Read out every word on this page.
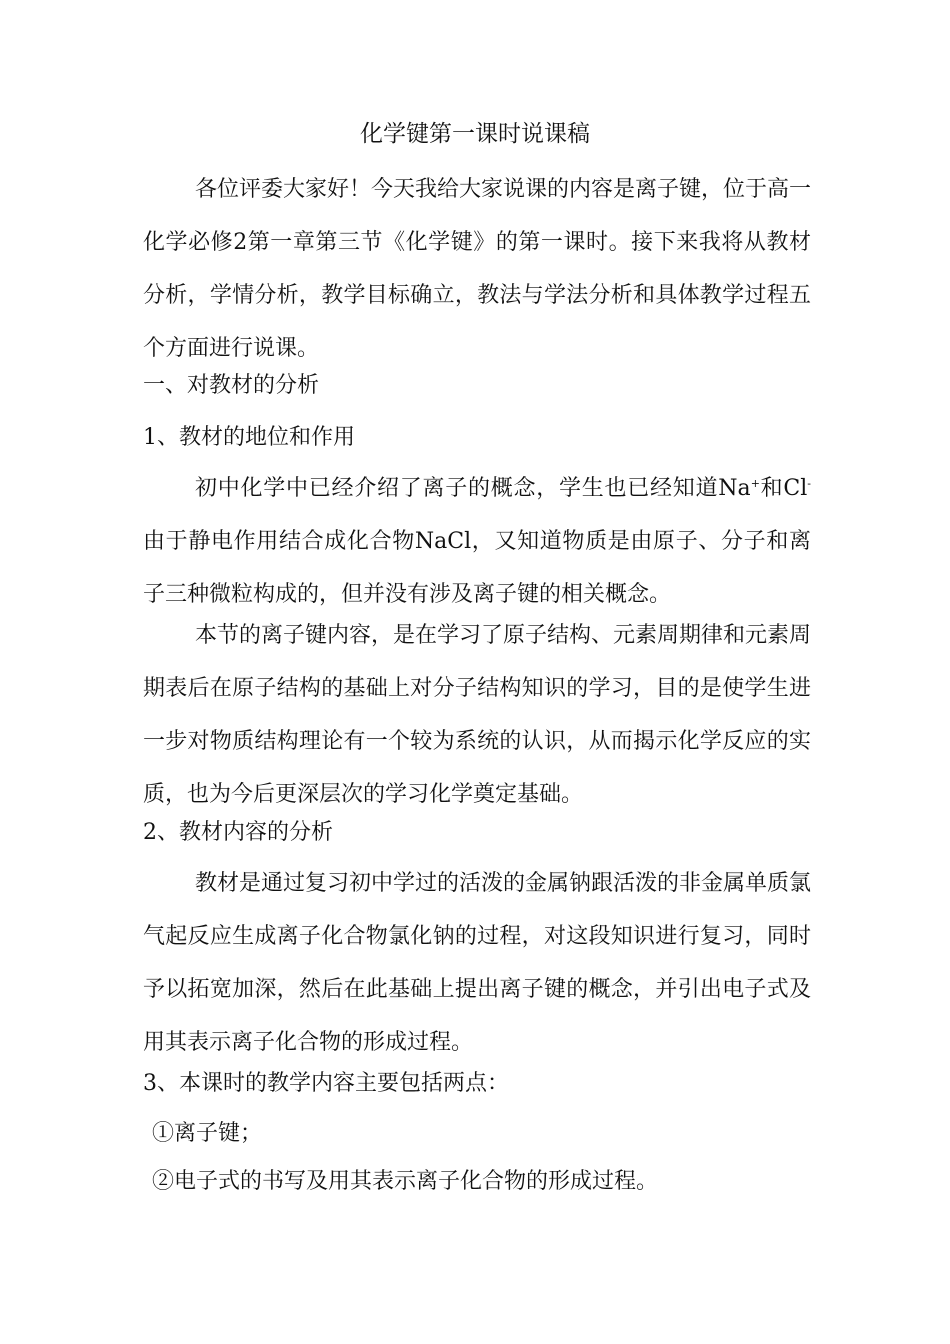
化学键第一课时说课稿
各位评委大家好！今天我给大家说课的内容是离子键，位于高一化学必修2第一章第三节《化学键》的第一课时。接下来我将从教材分析，学情分析，教学目标确立，教法与学法分析和具体教学过程五个方面进行说课。
一、对教材的分析
1、教材的地位和作用
初中化学中已经介绍了离子的概念，学生也已经知道Na+和Cl-由于静电作用结合成化合物NaCl，又知道物质是由原子、分子和离子三种微粒构成的，但并没有涉及离子键的相关概念。
本节的离子键内容，是在学习了原子结构、元素周期律和元素周期表后在原子结构的基础上对分子结构知识的学习，目的是使学生进一步对物质结构理论有一个较为系统的认识，从而揭示化学反应的实质，也为今后更深层次的学习化学奠定基础。
2、教材内容的分析
教材是通过复习初中学过的活泼的金属钠跟活泼的非金属单质氯气起反应生成离子化合物氯化钠的过程，对这段知识进行复习，同时予以拓宽加深，然后在此基础上提出离子键的概念，并引出电子式及用其表示离子化合物的形成过程。
3、本课时的教学内容主要包括两点：
①离子键；
②电子式的书写及用其表示离子化合物的形成过程。
